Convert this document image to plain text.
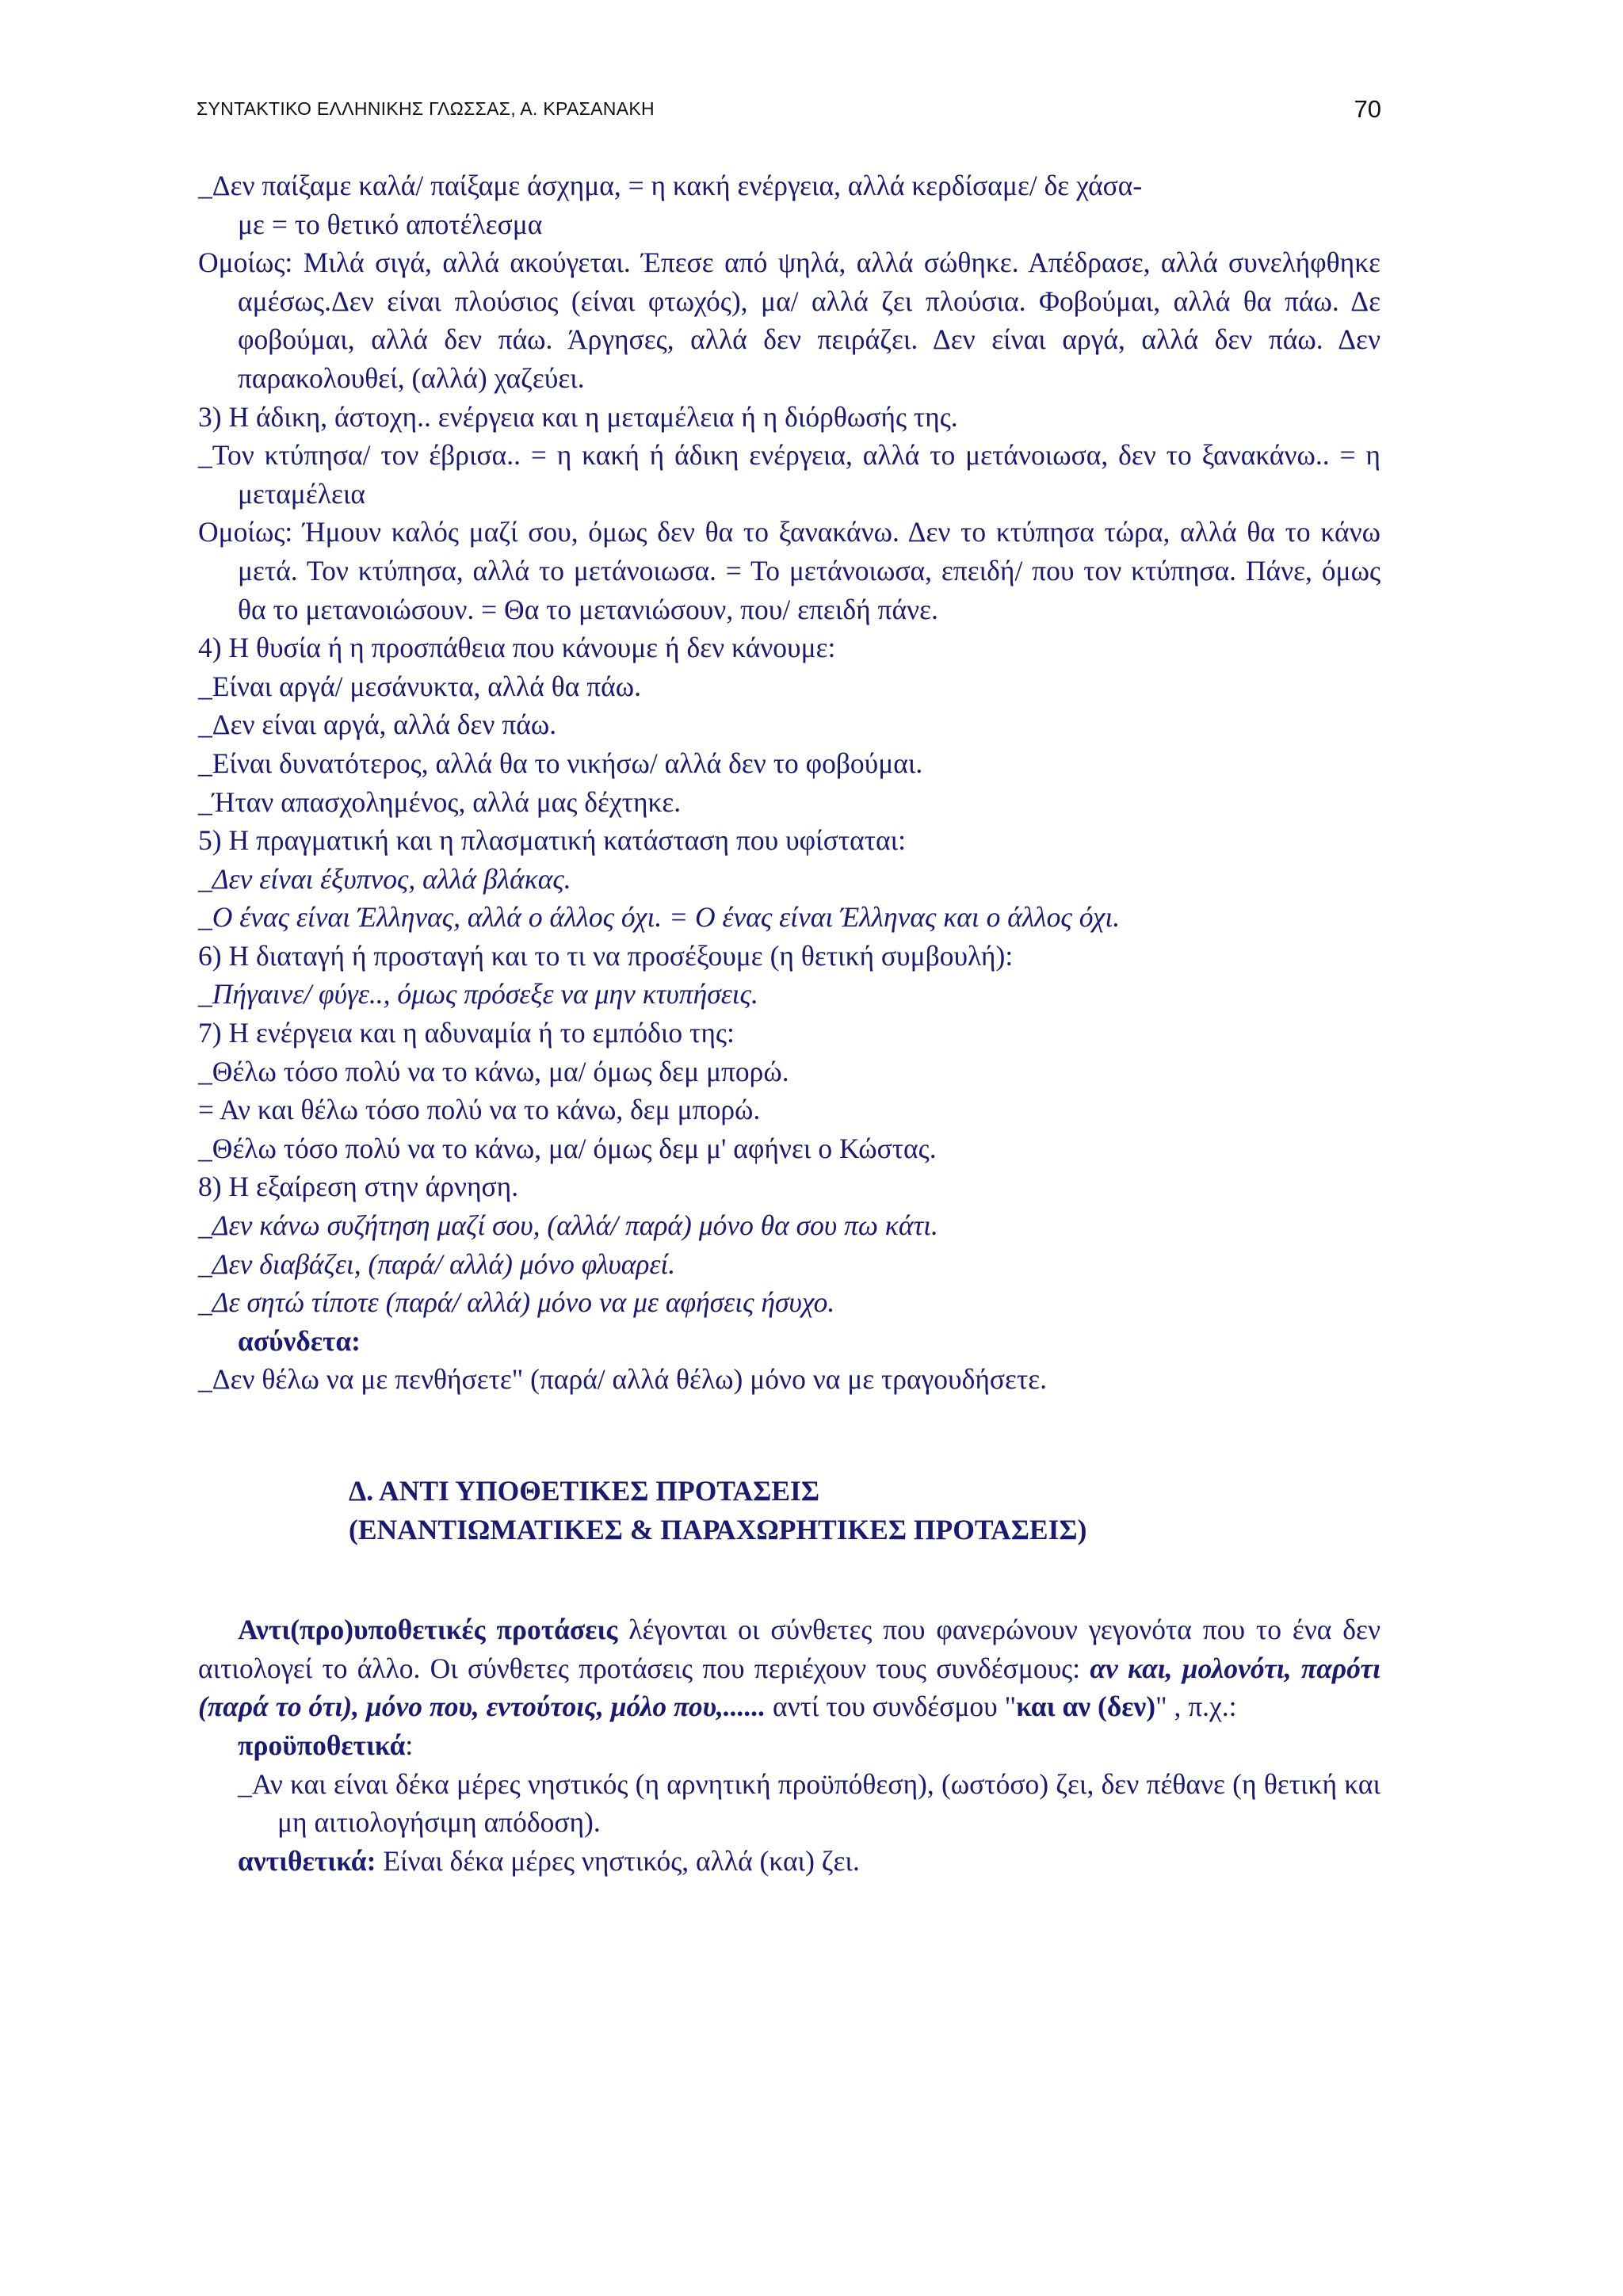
ΣΥΝΤΑΚΤΙΚΟ ΕΛΛΗΝΙΚΗΣ ΓΛΩΣΣΑΣ, Α. ΚΡΑΣΑΝΑΚΗ	70

_Δεν παίξαμε καλά/ παίξαμε άσχημα, = η κακή ενέργεια, αλλά κερδίσαμε/ δε χάσα-

με = το θετικό αποτέλεσμα

Ομοίως: Μιλά σιγά, αλλά ακούγεται. Έπεσε από ψηλά, αλλά σώθηκε. Απέδρασε, αλλά συνελήφθηκε αμέσως.Δεν είναι πλούσιος (είναι φτωχός), μα/ αλλά ζει πλούσια. Φοβούμαι, αλλά θα πάω. Δε φοβούμαι, αλλά δεν πάω. Άργησες, αλλά δεν πειράζει. Δεν είναι αργά, αλλά δεν πάω. Δεν παρακολουθεί, (αλλά) χαζεύει.

3) Η άδικη, άστοχη.. ενέργεια και η μεταμέλεια ή η διόρθωσής της.

_Τον κτύπησα/ τον έβρισα.. = η κακή ή άδικη ενέργεια, αλλά το μετάνοιωσα, δεν το ξανακάνω.. = η μεταμέλεια

Ομοίως: Ήμουν καλός μαζί σου, όμως δεν θα το ξανακάνω. Δεν το κτύπησα τώρα, αλλά θα το κάνω μετά. Τον κτύπησα, αλλά το μετάνοιωσα. = Το μετάνοιωσα, επειδή/ που τον κτύπησα. Πάνε, όμως θα το μετανοιώσουν. = Θα το μετανιώσουν, που/ επειδή πάνε.

4) Η θυσία ή η προσπάθεια που κάνουμε ή δεν κάνουμε:

_Είναι αργά/ μεσάνυκτα, αλλά θα πάω.

_Δεν είναι αργά, αλλά δεν πάω.

_Είναι δυνατότερος, αλλά θα το νικήσω/ αλλά δεν το φοβούμαι.

_Ήταν απασχολημένος, αλλά μας δέχτηκε.

5) Η πραγματική και η πλασματική κατάσταση που υφίσταται:

_Δεν είναι έξυπνος, αλλά βλάκας.

_Ο ένας είναι Έλληνας, αλλά ο άλλος όχι. = Ο ένας είναι Έλληνας και ο άλλος όχι.

6) Η διαταγή ή προσταγή και το τι να προσέξουμε (η θετική συμβουλή):

_Πήγαινε/ φύγε.., όμως πρόσεξε να μην κτυπήσεις.

7) Η ενέργεια και η αδυναμία ή το εμπόδιο της:

_Θέλω τόσο πολύ να το κάνω, μα/ όμως δεμ μπορώ.

= Αν και θέλω τόσο πολύ να το κάνω, δεμ μπορώ.

_Θέλω τόσο πολύ να το κάνω, μα/ όμως δεμ μ' αφήνει ο Κώστας.

8) Η εξαίρεση στην άρνηση.

_Δεν κάνω συζήτηση μαζί σου, (αλλά/ παρά) μόνο θα σου πω κάτι.

_Δεν διαβάζει, (παρά/ αλλά) μόνο φλυαρεί.

_Δε σητώ τίποτε (παρά/ αλλά) μόνο να με αφήσεις ήσυχο.

ασύνδετα:

_Δεν θέλω να με πενθήσετε" (παρά/ αλλά θέλω) μόνο να με τραγουδήσετε.

Δ. ΑΝΤΙ ΥΠΟΘΕΤΙΚΕΣ ΠΡΟΤΑΣΕΙΣ

(ΕΝΑΝΤΙΩΜΑΤΙΚΕΣ & ΠΑΡΑΧΩΡΗΤΙΚΕΣ ΠΡΟΤΑΣΕΙΣ)

Αντι(προ)υποθετικές προτάσεις λέγονται οι σύνθετες που φανερώνουν γεγονότα που το ένα δεν αιτιολογεί το άλλο. Οι σύνθετες προτάσεις που περιέχουν τους συνδέσμους: αν και, μολονότι, παρότι (παρά το ότι), μόνο που, εντούτοις, μόλο που,...... αντί του συνδέσμου "και αν (δεν)" , π.χ.:

προϋποθετικά:

_Αν και είναι δέκα μέρες νηστικός (η αρνητική προϋπόθεση), (ωστόσο) ζει, δεν πέθανε (η θετική και μη αιτιολογήσιμη απόδοση).

αντιθετικά: Είναι δέκα μέρες νηστικός, αλλά (και) ζει.
